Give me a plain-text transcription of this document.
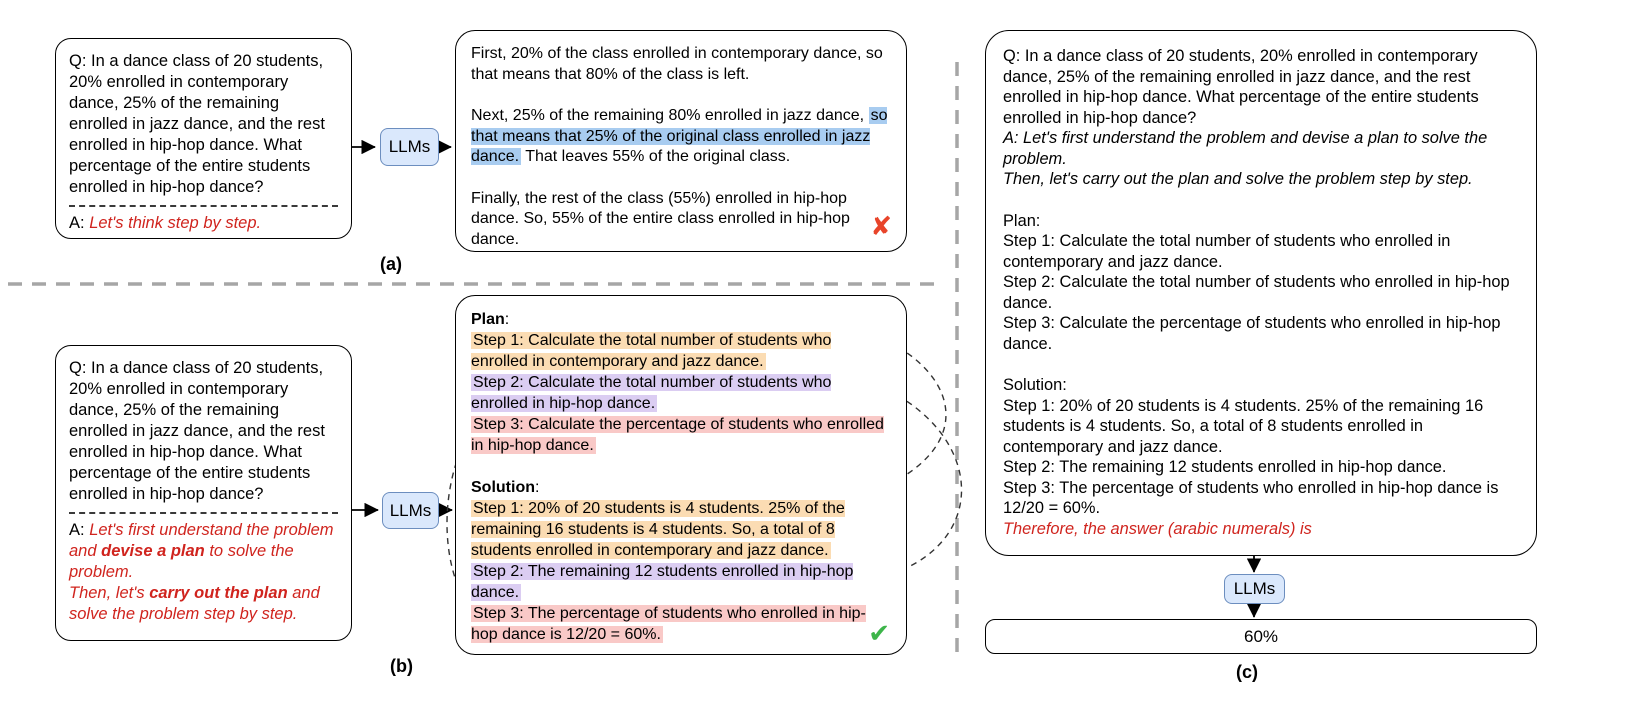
Q: In a dance class of 20 students, 20% enrolled in contemporary dance, 25% of the remaining enrolled in jazz dance, and the rest enrolled in hip-hop dance. What percentage of the entire students enrolled in hip-hop dance?
A: Let's think step by step.
LLMs
First, 20% of the class enrolled in contemporary dance, so that means that 80% of the class is left.
Next, 25% of the remaining 80% enrolled in jazz dance, so that means that 25% of the original class enrolled in jazz dance. That leaves 55% of the original class.
Finally, the rest of the class (55%) enrolled in hip-hop dance. So, 55% of the entire class enrolled in hip-hop dance.	✘
(a)
Q: In a dance class of 20 students, 20% enrolled in contemporary dance, 25% of the remaining enrolled in jazz dance, and the rest enrolled in hip-hop dance. What percentage of the entire students enrolled in hip-hop dance?
A: Let's first understand the problem and devise a plan to solve the problem.
Then, let's carry out the plan and solve the problem step by step.
LLMs
Plan:
Step 1: Calculate the total number of students who enrolled in contemporary and jazz dance.
Step 2: Calculate the total number of students who enrolled in hip-hop dance.
Step 3: Calculate the percentage of students who enrolled in hip-hop dance.
Solution:
Step 1: 20% of 20 students is 4 students. 25% of the remaining 16 students is 4 students. So, a total of 8 students enrolled in contemporary and jazz dance.
Step 2: The remaining 12 students enrolled in hip-hop dance.
Step 3: The percentage of students who enrolled in hip-hop dance is 12/20 = 60%.	✔
(b)
Q: In a dance class of 20 students, 20% enrolled in contemporary dance, 25% of the remaining enrolled in jazz dance, and the rest enrolled in hip-hop dance. What percentage of the entire students enrolled in hip-hop dance?
A: Let's first understand the problem and devise a plan to solve the problem.
Then, let's carry out the plan and solve the problem step by step.
Plan:
Step 1: Calculate the total number of students who enrolled in contemporary and jazz dance.
Step 2: Calculate the total number of students who enrolled in hip-hop dance.
Step 3: Calculate the percentage of students who enrolled in hip-hop dance.
Solution:
Step 1: 20% of 20 students is 4 students. 25% of the remaining 16 students is 4 students. So, a total of 8 students enrolled in contemporary and jazz dance.
Step 2: The remaining 12 students enrolled in hip-hop dance.
Step 3: The percentage of students who enrolled in hip-hop dance is 12/20 = 60%.
Therefore, the answer (arabic numerals) is
LLMs
60%
(c)
